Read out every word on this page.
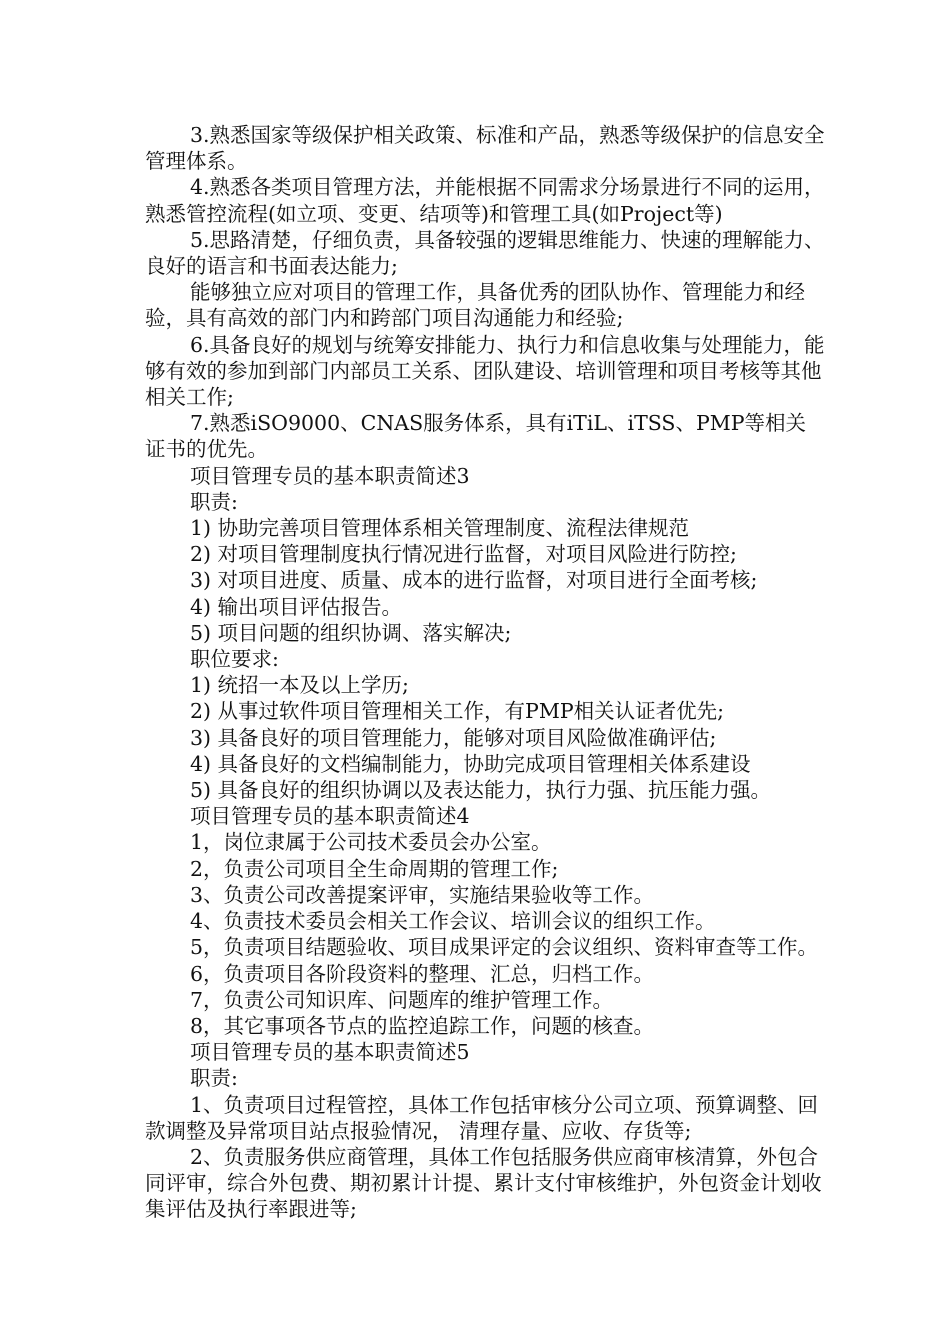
3.熟悉国家等级保护相关政策、标准和产品，熟悉等级保护的信息安全管理体系。

4.熟悉各类项目管理方法，并能根据不同需求分场景进行不同的运用，熟悉管控流程(如立项、变更、结项等)和管理工具(如Project等)

5.思路清楚，仔细负责，具备较强的逻辑思维能力、快速的理解能力、良好的语言和书面表达能力;

能够独立应对项目的管理工作，具备优秀的团队协作、管理能力和经验，具有高效的部门内和跨部门项目沟通能力和经验;

6.具备良好的规划与统筹安排能力、执行力和信息收集与处理能力，能够有效的参加到部门内部员工关系、团队建设、培训管理和项目考核等其他相关工作;

7.熟悉iSO9000、CNAS服务体系，具有iTiL、iTSS、PMP等相关证书的优先。

项目管理专员的基本职责简述3

职责:

1) 协助完善项目管理体系相关管理制度、流程法律规范

2) 对项目管理制度执行情况进行监督，对项目风险进行防控;

3) 对项目进度、质量、成本的进行监督，对项目进行全面考核;

4) 输出项目评估报告。

5) 项目问题的组织协调、落实解决;

职位要求:

1) 统招一本及以上学历;

2) 从事过软件项目管理相关工作，有PMP相关认证者优先;

3) 具备良好的项目管理能力，能够对项目风险做准确评估;

4) 具备良好的文档编制能力，协助完成项目管理相关体系建设

5) 具备良好的组织协调以及表达能力，执行力强、抗压能力强。

项目管理专员的基本职责简述4

1，岗位隶属于公司技术委员会办公室。

2，负责公司项目全生命周期的管理工作;

3、负责公司改善提案评审，实施结果验收等工作。

4、负责技术委员会相关工作会议、培训会议的组织工作。

5，负责项目结题验收、项目成果评定的会议组织、资料审查等工作。

6，负责项目各阶段资料的整理、汇总，归档工作。

7，负责公司知识库、问题库的维护管理工作。

8，其它事项各节点的监控追踪工作，问题的核查。

项目管理专员的基本职责简述5

职责:

1、负责项目过程管控，具体工作包括审核分公司立项、预算调整、回款调整及异常项目站点报验情况， 清理存量、应收、存货等;

2、负责服务供应商管理，具体工作包括服务供应商审核清算，外包合同评审，综合外包费、期初累计计提、累计支付审核维护，外包资金计划收集评估及执行率跟进等;
